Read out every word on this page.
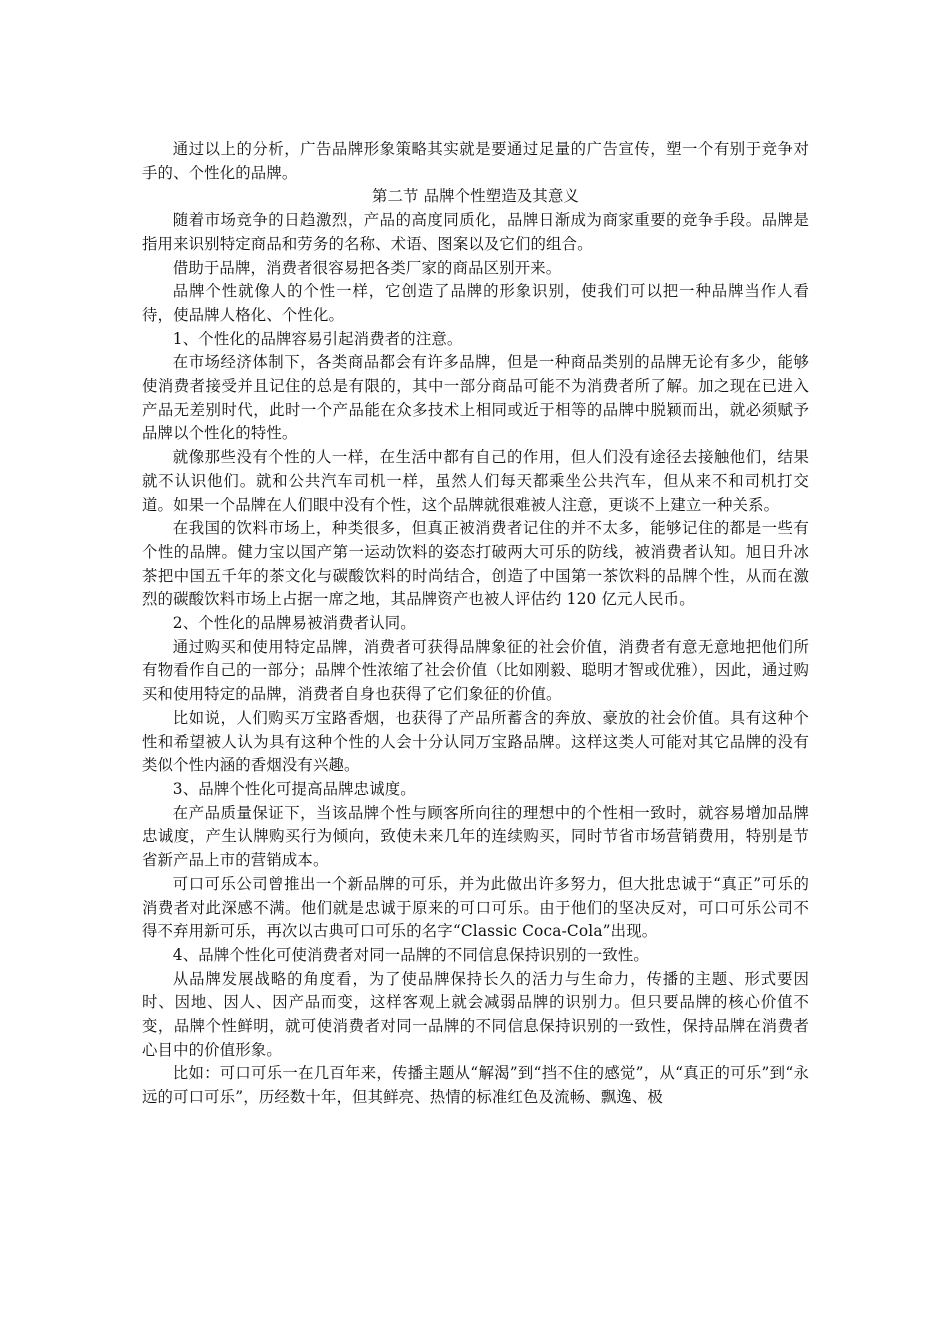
通过以上的分析，广告品牌形象策略其实就是要通过足量的广告宣传，塑一个有别于竞争对手的、个性化的品牌。

第二节 品牌个性塑造及其意义

随着市场竞争的日趋激烈，产品的高度同质化，品牌日渐成为商家重要的竞争手段。品牌是指用来识别特定商品和劳务的名称、术语、图案以及它们的组合。

借助于品牌，消费者很容易把各类厂家的商品区别开来。

品牌个性就像人的个性一样，它创造了品牌的形象识别，使我们可以把一种品牌当作人看待，使品牌人格化、个性化。

1、个性化的品牌容易引起消费者的注意。

在市场经济体制下，各类商品都会有许多品牌，但是一种商品类别的品牌无论有多少，能够使消费者接受并且记住的总是有限的，其中一部分商品可能不为消费者所了解。加之现在已进入产品无差别时代，此时一个产品能在众多技术上相同或近于相等的品牌中脱颖而出，就必须赋予品牌以个性化的特性。

就像那些没有个性的人一样，在生活中都有自己的作用，但人们没有途径去接触他们，结果就不认识他们。就和公共汽车司机一样，虽然人们每天都乘坐公共汽车，但从来不和司机打交道。如果一个品牌在人们眼中没有个性，这个品牌就很难被人注意，更谈不上建立一种关系。

在我国的饮料市场上，种类很多，但真正被消费者记住的并不太多，能够记住的都是一些有个性的品牌。健力宝以国产第一运动饮料的姿态打破两大可乐的防线，被消费者认知。旭日升冰茶把中国五千年的茶文化与碳酸饮料的时尚结合，创造了中国第一茶饮料的品牌个性，从而在激烈的碳酸饮料市场上占据一席之地，其品牌资产也被人评估约 120 亿元人民币。

2、个性化的品牌易被消费者认同。

通过购买和使用特定品牌，消费者可获得品牌象征的社会价值，消费者有意无意地把他们所有物看作自己的一部分；品牌个性浓缩了社会价值（比如刚毅、聪明才智或优雅），因此，通过购买和使用特定的品牌，消费者自身也获得了它们象征的价值。

比如说，人们购买万宝路香烟，也获得了产品所蓄含的奔放、豪放的社会价值。具有这种个性和希望被人认为具有这种个性的人会十分认同万宝路品牌。这样这类人可能对其它品牌的没有类似个性内涵的香烟没有兴趣。

3、品牌个性化可提高品牌忠诚度。

在产品质量保证下，当该品牌个性与顾客所向往的理想中的个性相一致时，就容易增加品牌忠诚度，产生认牌购买行为倾向，致使未来几年的连续购买，同时节省市场营销费用，特别是节省新产品上市的营销成本。

可口可乐公司曾推出一个新品牌的可乐，并为此做出许多努力，但大批忠诚于“真正”可乐的消费者对此深感不满。他们就是忠诚于原来的可口可乐。由于他们的坚决反对，可口可乐公司不得不弃用新可乐，再次以古典可口可乐的名字“Classic Coca-Cola”出现。

4、品牌个性化可使消费者对同一品牌的不同信息保持识别的一致性。

从品牌发展战略的角度看，为了使品牌保持长久的活力与生命力，传播的主题、形式要因时、因地、因人、因产品而变，这样客观上就会减弱品牌的识别力。但只要品牌的核心价值不变，品牌个性鲜明，就可使消费者对同一品牌的不同信息保持识别的一致性，保持品牌在消费者心目中的价值形象。

比如：可口可乐一在几百年来，传播主题从“解渴”到“挡不住的感觉”，从“真正的可乐”到“永远的可口可乐”，历经数十年，但其鲜亮、热情的标准红色及流畅、飘逸、极
